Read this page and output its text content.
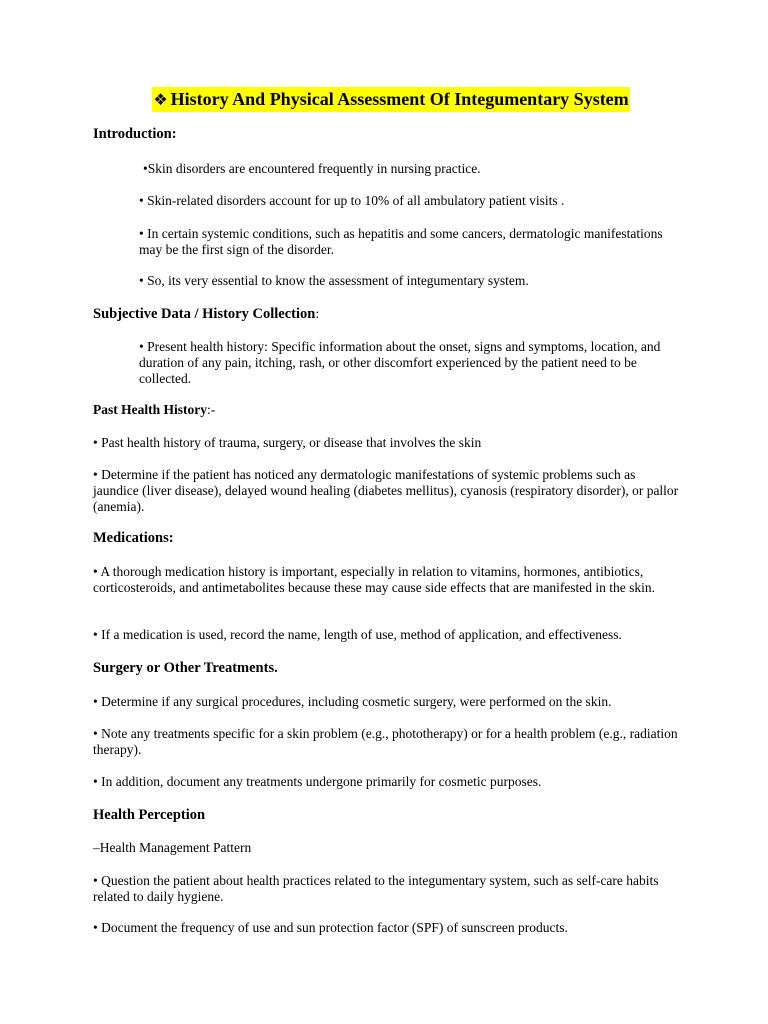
❖ History And Physical Assessment Of Integumentary System

Introduction:

•Skin disorders are encountered frequently in nursing practice.

• Skin-related disorders account for up to 10% of all ambulatory patient visits .

• In certain systemic conditions, such as hepatitis and some cancers, dermatologic manifestations may be the first sign of the disorder.

• So, its very essential to know the assessment of integumentary system.

Subjective Data / History Collection:

• Present health history: Specific information about the onset, signs and symptoms, location, and duration of any pain, itching, rash, or other discomfort experienced by the patient need to be collected.

Past Health History:-

• Past health history of trauma, surgery, or disease that involves the skin

• Determine if the patient has noticed any dermatologic manifestations of systemic problems such as jaundice (liver disease), delayed wound healing (diabetes mellitus), cyanosis (respiratory disorder), or pallor (anemia).

Medications:

• A thorough medication history is important, especially in relation to vitamins, hormones, antibiotics, corticosteroids, and antimetabolites because these may cause side effects that are manifested in the skin.

• If a medication is used, record the name, length of use, method of application, and effectiveness.

Surgery or Other Treatments.

• Determine if any surgical procedures, including cosmetic surgery, were performed on the skin.

• Note any treatments specific for a skin problem (e.g., phototherapy) or for a health problem (e.g., radiation therapy).

• In addition, document any treatments undergone primarily for cosmetic purposes.

Health Perception

–Health Management Pattern

• Question the patient about health practices related to the integumentary system, such as self-care habits related to daily hygiene.

• Document the frequency of use and sun protection factor (SPF) of sunscreen products.
